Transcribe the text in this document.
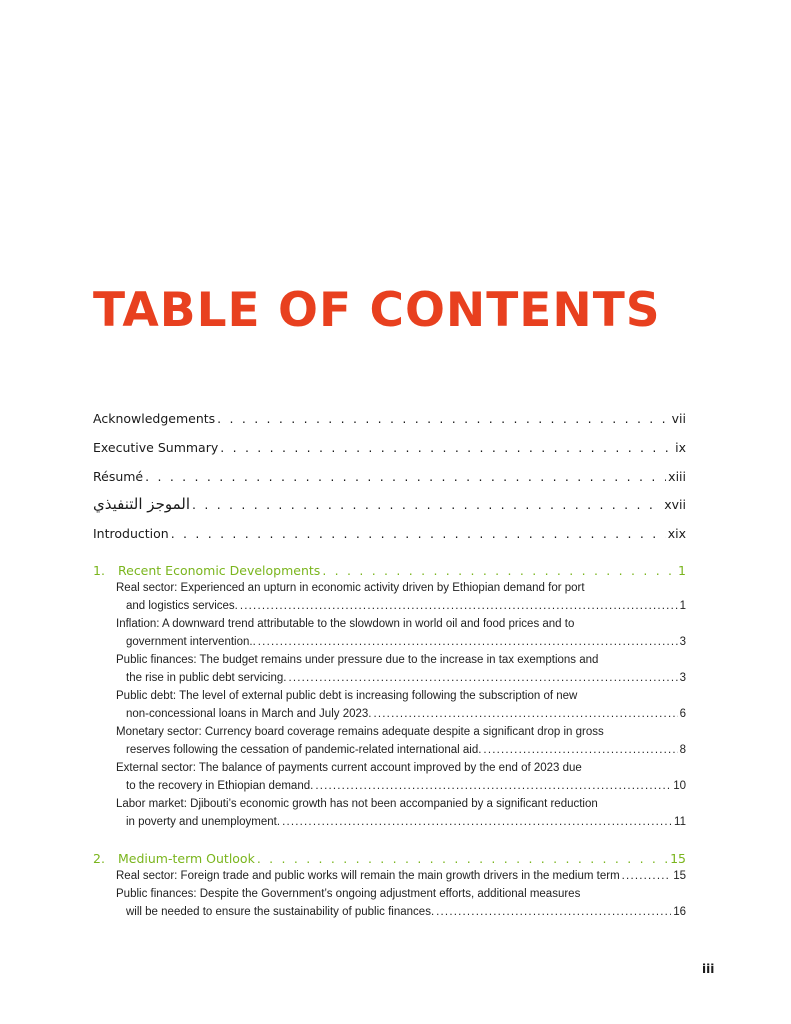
TABLE OF CONTENTS
Acknowledgements . . .	vii
Executive Summary . . .	ix
Résumé . . .	xiii
الموجز التنفيذي . . .	xvii
Introduction . . .	xix
1. Recent Economic Developments . . .	1
Real sector: Experienced an upturn in economic activity driven by Ethiopian demand for port
and logistics services. .....	1
Inflation: A downward trend attributable to the slowdown in world oil and food prices and to
government intervention.. .....	3
Public finances: The budget remains under pressure due to the increase in tax exemptions and
the rise in public debt servicing. .....	3
Public debt: The level of external public debt is increasing following the subscription of new
non-concessional loans in March and July 2023. .....	6
Monetary sector: Currency board coverage remains adequate despite a significant drop in gross
reserves following the cessation of pandemic-related international aid. .....	8
External sector: The balance of payments current account improved by the end of 2023 due
to the recovery in Ethiopian demand. .....	10
Labor market: Djibouti’s economic growth has not been accompanied by a significant reduction
in poverty and unemployment. .....	11
2. Medium-term Outlook . . .	15
Real sector: Foreign trade and public works will remain the main growth drivers in the medium term .....	15
Public finances: Despite the Government’s ongoing adjustment efforts, additional measures
will be needed to ensure the sustainability of public finances. .....	16
iii
